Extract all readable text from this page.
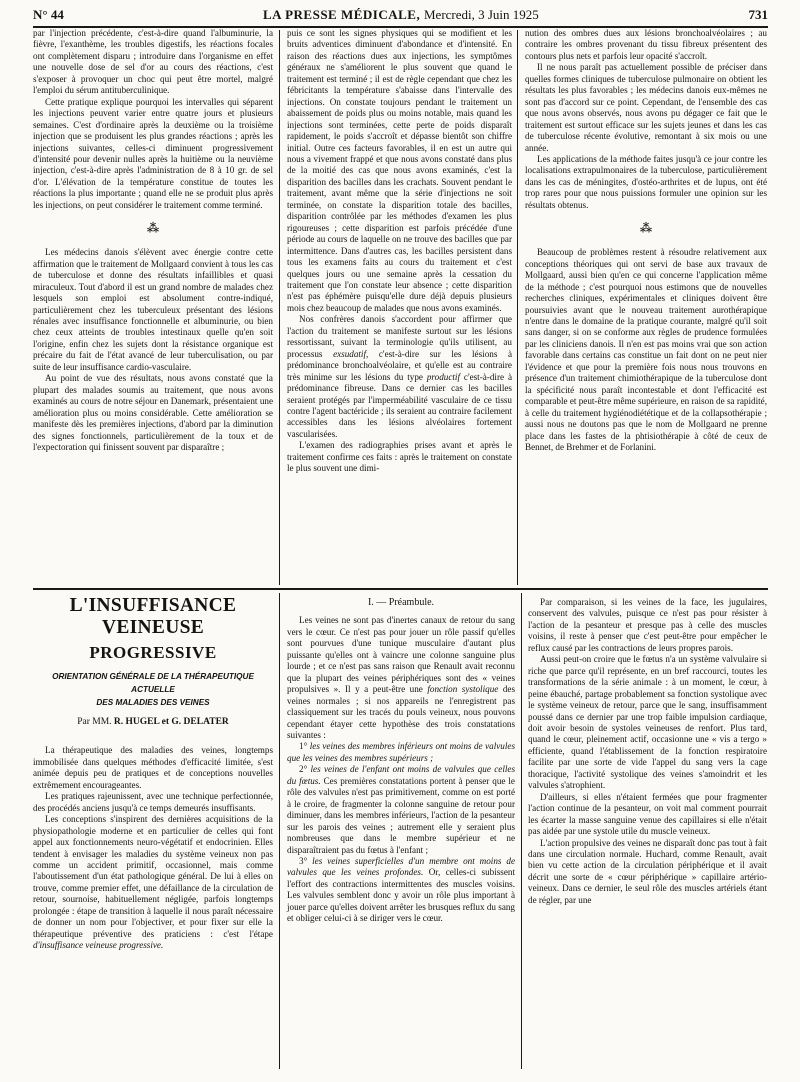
N° 44	LA PRESSE MÉDICALE, Mercredi, 3 Juin 1925	731

par l'injection précédente, c'est-à-dire quand l'albuminurie, la fièvre, l'exanthème, les troubles digestifs, les réactions focales ont complètement disparu ; introduire dans l'organisme en effet une nouvelle dose de sel d'or au cours des réactions, c'est s'exposer à provoquer un choc qui peut être mortel, malgré l'emploi du sérum antituberculinique.

Cette pratique explique pourquoi les intervalles qui séparent les injections peuvent varier entre quatre jours et plusieurs semaines. C'est d'ordinaire après la deuxième ou la troisième injection que se produisent les plus grandes réactions ; après les injections suivantes, celles-ci diminuent progressivement d'intensité pour devenir nulles après la huitième ou la neuvième injection, c'est-à-dire après l'administration de 8 à 10 gr. de sel d'or. L'élévation de la température constitue de toutes les réactions la plus importante ; quand elle ne se produit plus après les injections, on peut considérer le traitement comme terminé.

⁂

Les médecins danois s'élèvent avec énergie contre cette affirmation que le traitement de Mollgaard convient à tous les cas de tuberculose et donne des résultats infaillibles et quasi miraculeux. Tout d'abord il est un grand nombre de malades chez lesquels son emploi est absolument contre-indiqué, particulièrement chez les tuberculeux présentant des lésions rénales avec insuffisance fonctionnelle et albuminurie, ou bien chez ceux atteints de troubles intestinaux quelle qu'en soit l'origine, enfin chez les sujets dont la résistance organique est précaire du fait de l'état avancé de leur tuberculisation, ou par suite de leur insuffisance cardio-vasculaire.

Au point de vue des résultats, nous avons constaté que la plupart des malades soumis au traitement, que nous avons examinés au cours de notre séjour en Danemark, présentaient une amélioration plus ou moins considérable. Cette amélioration se manifeste dès les premières injections, d'abord par la diminution des signes fonctionnels, particulièrement de la toux et de l'expectoration qui finissent souvent par disparaître ;

puis ce sont les signes physiques qui se modifient et les bruits adventices diminuent d'abondance et d'intensité. En raison des réactions dues aux injections, les symptômes généraux ne s'améliorent le plus souvent que quand le traitement est terminé ; il est de règle cependant que chez les fébricitants la température s'abaisse dans l'intervalle des injections. On constate toujours pendant le traitement un abaissement de poids plus ou moins notable, mais quand les injections sont terminées, cette perte de poids disparaît rapidement, le poids s'accroît et dépasse bientôt son chiffre initial. Outre ces facteurs favorables, il en est un autre qui nous a vivement frappé et que nous avons constaté dans plus de la moitié des cas que nous avons examinés, c'est la disparition des bacilles dans les crachats. Souvent pendant le traitement, avant même que la série d'injections ne soit terminée, on constate la disparition totale des bacilles, disparition contrôlée par les méthodes d'examen les plus rigoureuses ; cette disparition est parfois précédée d'une période au cours de laquelle on ne trouve des bacilles que par intermittence. Dans d'autres cas, les bacilles persistent dans tous les examens faits au cours du traitement et c'est quelques jours ou une semaine après la cessation du traitement que l'on constate leur absence ; cette disparition n'est pas éphémère puisqu'elle dure déjà depuis plusieurs mois chez beaucoup de malades que nous avons examinés.

Nos confrères danois s'accordent pour affirmer que l'action du traitement se manifeste surtout sur les lésions ressortissant, suivant la terminologie qu'ils utilisent, au processus exsudatif, c'est-à-dire sur les lésions à prédominance bronchoalvéolaire, et qu'elle est au contraire très minime sur les lésions du type productif c'est-à-dire à prédominance fibreuse. Dans ce dernier cas les bacilles seraient protégés par l'imperméabilité vasculaire de ce tissu contre l'agent bactéricide ; ils seraient au contraire facilement accessibles dans les lésions alvéolaires fortement vascularisées.

L'examen des radiographies prises avant et après le traitement confirme ces faits : après le traitement on constate le plus souvent une dimi-

nution des ombres dues aux lésions bronchoalvéolaires ; au contraire les ombres provenant du tissu fibreux présentent des contours plus nets et parfois leur opacité s'accroît.

Il ne nous paraît pas actuellement possible de préciser dans quelles formes cliniques de tuberculose pulmonaire on obtient les résultats les plus favorables ; les médecins danois eux-mêmes ne sont pas d'accord sur ce point. Cependant, de l'ensemble des cas que nous avons observés, nous avons pu dégager ce fait que le traitement est surtout efficace sur les sujets jeunes et dans les cas de tuberculose récente évolutive, remontant à six mois ou une année.

Les applications de la méthode faites jusqu'à ce jour contre les localisations extrapulmonaires de la tuberculose, particulièrement dans les cas de méningites, d'ostéo-arthrites et de lupus, ont été trop rares pour que nous puissions formuler une opinion sur les résultats obtenus.

⁂

Beaucoup de problèmes restent à résoudre relativement aux conceptions théoriques qui ont servi de base aux travaux de Mollgaard, aussi bien qu'en ce qui concerne l'application même de la méthode ; c'est pourquoi nous estimons que de nouvelles recherches cliniques, expérimentales et cliniques doivent être poursuivies avant que le nouveau traitement aurothérapique n'entre dans le domaine de la pratique courante, malgré qu'il soit sans danger, si on se conforme aux règles de prudence formulées par les cliniciens danois. Il n'en est pas moins vrai que son action favorable dans certains cas constitue un fait dont on ne peut nier l'évidence et que pour la première fois nous nous trouvons en présence d'un traitement chimiothérapique de la tuberculose dont la spécificité nous paraît incontestable et dont l'efficacité est comparable et peut-être même supérieure, en raison de sa rapidité, à celle du traitement hygiénodiététique et de la collapsothérapie ; aussi nous ne doutons pas que le nom de Mollgaard ne prenne place dans les fastes de la phtisiothérapie à côté de ceux de Bennet, de Brehmer et de Forlanini.

L'INSUFFISANCE VEINEUSE
PROGRESSIVE
ORIENTATION GÉNÉRALE DE LA THÉRAPEUTIQUE
ACTUELLE
DES MALADIES DES VEINES
Par MM. R. HUGEL et G. DELATER

La thérapeutique des maladies des veines, longtemps immobilisée dans quelques méthodes d'efficacité limitée, s'est animée depuis peu de pratiques et de conceptions nouvelles extrêmement encourageantes.

Les pratiques rajeunissent, avec une technique perfectionnée, des procédés anciens jusqu'à ce temps demeurés insuffisants.

Les conceptions s'inspirent des dernières acquisitions de la physiopathologie moderne et en particulier de celles qui font appel aux fonctionnements neuro-végétatif et endocrinien. Elles tendent à envisager les maladies du système veineux non pas comme un accident primitif, occasionnel, mais comme l'aboutissement d'un état pathologique général. De lui à elles on trouve, comme premier effet, une défaillance de la circulation de retour, sournoise, habituellement négligée, parfois longtemps prolongée : étape de transition à laquelle il nous paraît nécessaire de donner un nom pour l'objectiver, et pour fixer sur elle la thérapeutique préventive des praticiens : c'est l'étape d'insuffisance veineuse progressive.

I. — Préambule.

Les veines ne sont pas d'inertes canaux de retour du sang vers le cœur. Ce n'est pas pour jouer un rôle passif qu'elles sont pourvues d'une tunique musculaire d'autant plus puissante qu'elles ont à vaincre une colonne sanguine plus lourde ; et ce n'est pas sans raison que Renault avait reconnu que la plupart des veines périphériques sont des « veines propulsives ». Il y a peut-être une fonction systolique des veines normales ; si nos appareils ne l'enregistrent pas classiquement sur les tracés du pouls veineux, nous pouvons cependant étayer cette hypothèse des trois constatations suivantes :

1° les veines des membres inférieurs ont moins de valvules que les veines des membres supérieurs ;

2° les veines de l'enfant ont moins de valvules que celles du fœtus. Ces premières constatations portent à penser que le rôle des valvules n'est pas primitivement, comme on est porté à le croire, de fragmenter la colonne sanguine de retour pour diminuer, dans les membres inférieurs, l'action de la pesanteur sur les parois des veines ; autrement elle y seraient plus nombreuses que dans le membre supérieur et ne disparaîtraient pas du fœtus à l'enfant ;

3° les veines superficielles d'un membre ont moins de valvules que les veines profondes. Or, celles-ci subissent l'effort des contractions intermittentes des muscles voisins. Les valvules semblent donc y avoir un rôle plus important à jouer parce qu'elles doivent arrêter les brusques reflux du sang et obliger celui-ci à se diriger vers le cœur.

Par comparaison, si les veines de la face, les jugulaires, conservent des valvules, puisque ce n'est pas pour résister à l'action de la pesanteur et presque pas à celle des muscles voisins, il reste à penser que c'est peut-être pour empêcher le reflux causé par les contractions de leurs propres parois.

Aussi peut-on croire que le fœtus n'a un système valvulaire si riche que parce qu'il représente, en un bref raccourci, toutes les transformations de la série animale : à un moment, le cœur, à peine ébauché, partage probablement sa fonction systolique avec le système veineux de retour, parce que le sang, insuffisamment poussé dans ce dernier par une trop faible impulsion cardiaque, doit avoir besoin de systoles veineuses de renfort. Plus tard, quand le cœur, pleinement actif, occasionne une « vis a tergo » efficiente, quand l'établissement de la fonction respiratoire facilite par une sorte de vide l'appel du sang vers la cage thoracique, l'activité systolique des veines s'amoindrit et les valvules s'atrophient.

D'ailleurs, si elles n'étaient fermées que pour fragmenter l'action continue de la pesanteur, on voit mal comment pourrait les écarter la masse sanguine venue des capillaires si elle n'était pas aidée par une systole utile du muscle veineux.

L'action propulsive des veines ne disparaît donc pas tout à fait dans une circulation normale. Huchard, comme Renault, avait bien vu cette action de la circulation périphérique et il avait décrit une sorte de « cœur périphérique » capillaire artério-veineux. Dans ce dernier, le seul rôle des muscles artériels étant de régler, par une
